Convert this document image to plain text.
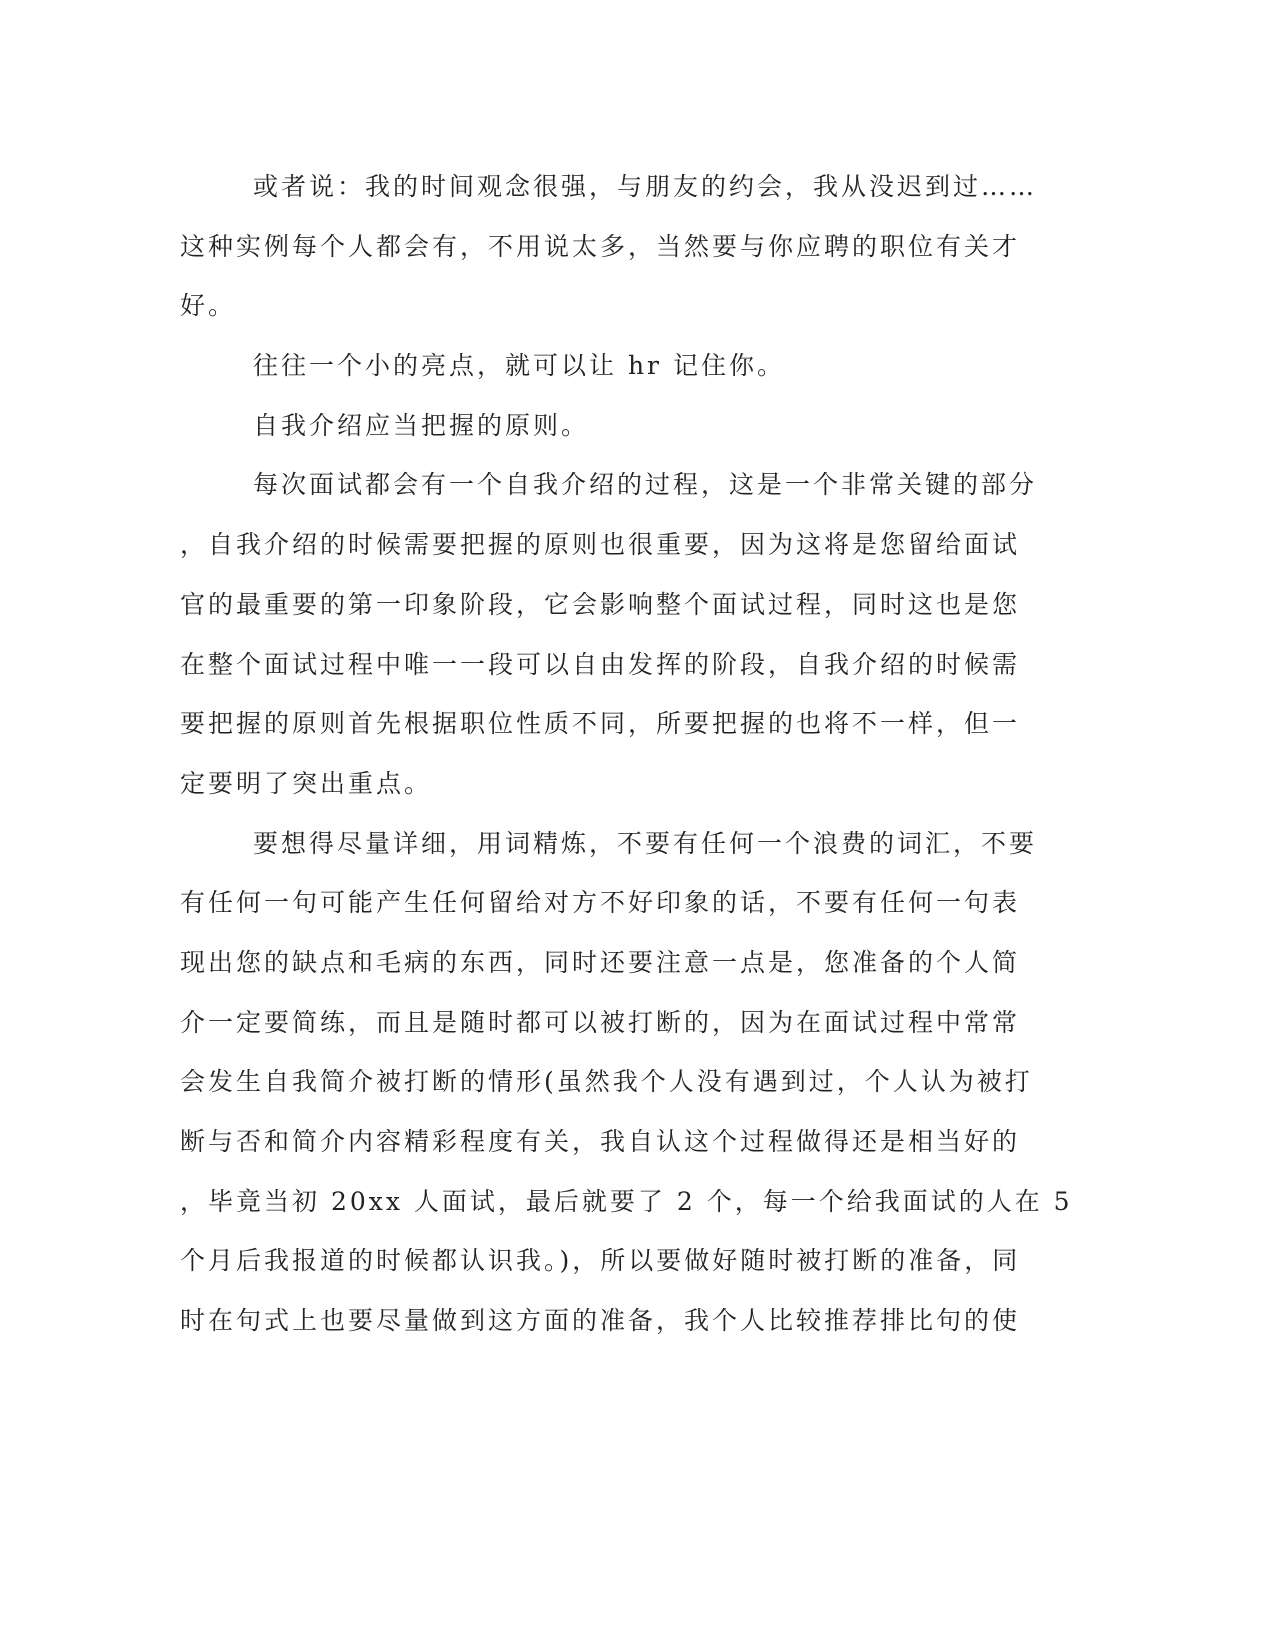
或者说：我的时间观念很强，与朋友的约会，我从没迟到过……
这种实例每个人都会有，不用说太多，当然要与你应聘的职位有关才
好。
往往一个小的亮点，就可以让 hr 记住你。
自我介绍应当把握的原则。
每次面试都会有一个自我介绍的过程，这是一个非常关键的部分
，自我介绍的时候需要把握的原则也很重要，因为这将是您留给面试
官的最重要的第一印象阶段，它会影响整个面试过程，同时这也是您
在整个面试过程中唯一一段可以自由发挥的阶段，自我介绍的时候需
要把握的原则首先根据职位性质不同，所要把握的也将不一样，但一
定要明了突出重点。
要想得尽量详细，用词精炼，不要有任何一个浪费的词汇，不要
有任何一句可能产生任何留给对方不好印象的话，不要有任何一句表
现出您的缺点和毛病的东西，同时还要注意一点是，您准备的个人简
介一定要简练，而且是随时都可以被打断的，因为在面试过程中常常
会发生自我简介被打断的情形(虽然我个人没有遇到过，个人认为被打
断与否和简介内容精彩程度有关，我自认这个过程做得还是相当好的
，毕竟当初 20xx 人面试，最后就要了 2 个，每一个给我面试的人在 5
个月后我报道的时候都认识我。)，所以要做好随时被打断的准备，同
时在句式上也要尽量做到这方面的准备，我个人比较推荐排比句的使
